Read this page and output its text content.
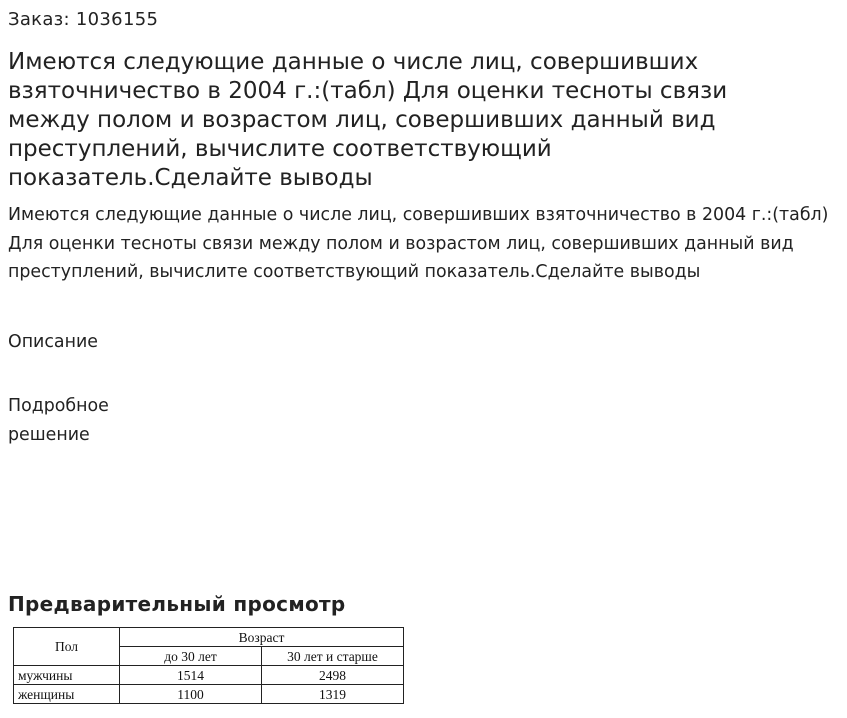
Заказ: 1036155
Имеются следующие данные о числе лиц, совершивших взяточничество в 2004 г.:(табл) Для оценки тесноты связи между полом и возрастом лиц, совершивших данный вид преступлений, вычислите соответствующий показатель.Сделайте выводы
Имеются следующие данные о числе лиц, совершивших взяточничество в 2004 г.:(табл) Для оценки тесноты связи между полом и возрастом лиц, совершивших данный вид преступлений, вычислите соответствующий показатель.Сделайте выводы
Описание
Подробное решение
Предварительный просмотр
Пол	Возраст	
	до 30 лет	30 лет и старше
мужчины	1514	2498
женщины	1100	1319
